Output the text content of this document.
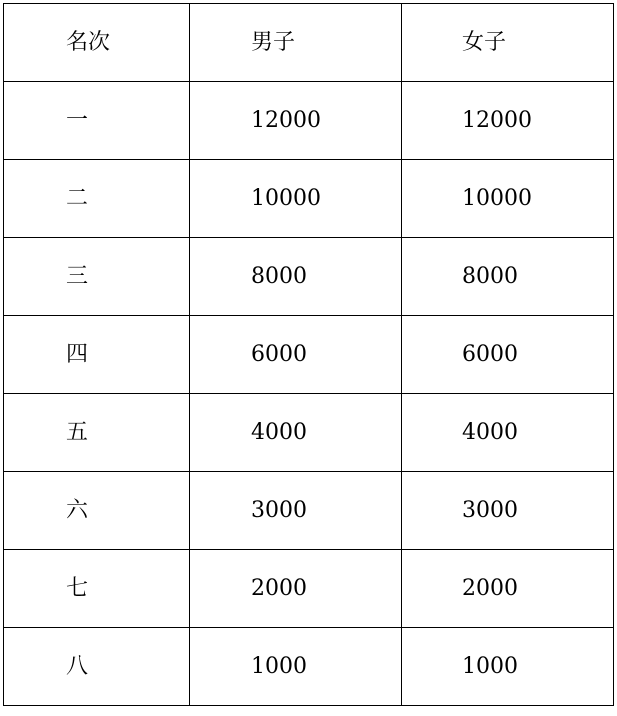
名次	男子	女子
一	12000	12000
二	10000	10000
三	8000	8000
四	6000	6000
五	4000	4000
六	3000	3000
七	2000	2000
八	1000	1000
